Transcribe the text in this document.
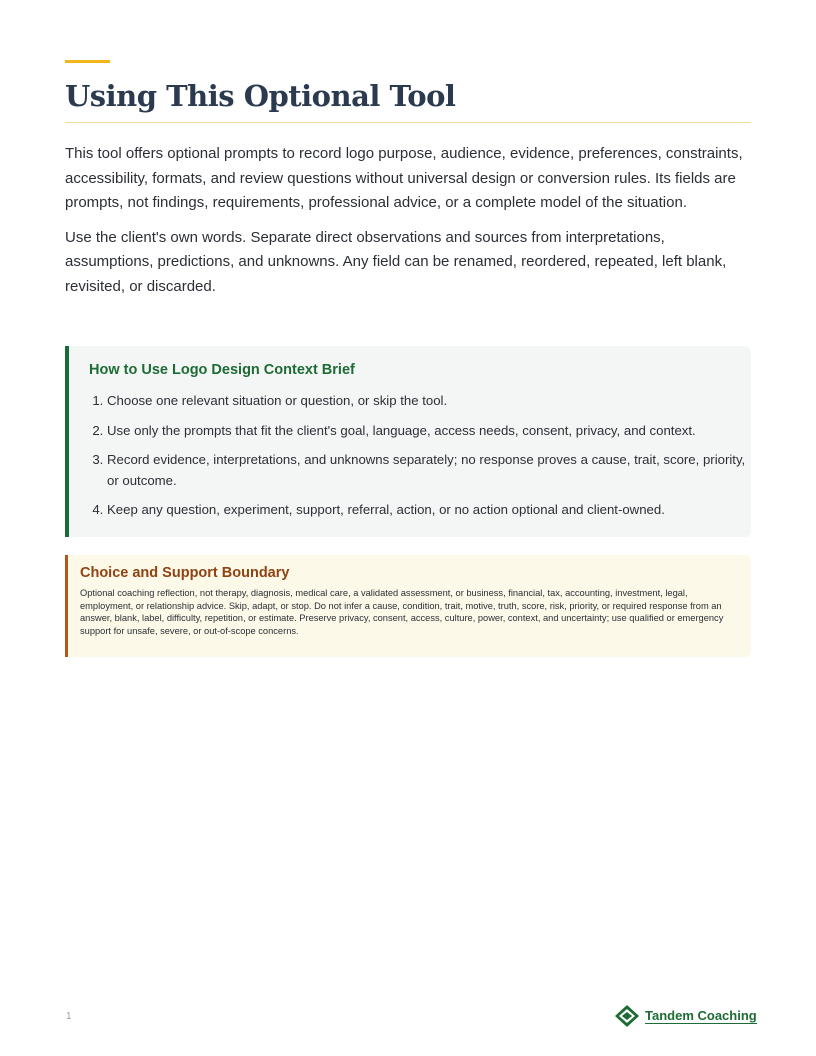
Using This Optional Tool

This tool offers optional prompts to record logo purpose, audience, evidence, preferences, constraints, accessibility, formats, and review questions without universal design or conversion rules. Its fields are prompts, not findings, requirements, professional advice, or a complete model of the situation.

Use the client's own words. Separate direct observations and sources from interpretations, assumptions, predictions, and unknowns. Any field can be renamed, reordered, repeated, left blank, revisited, or discarded.

How to Use Logo Design Context Brief
1. Choose one relevant situation or question, or skip the tool.
2. Use only the prompts that fit the client's goal, language, access needs, consent, privacy, and context.
3. Record evidence, interpretations, and unknowns separately; no response proves a cause, trait, score, priority, or outcome.
4. Keep any question, experiment, support, referral, action, or no action optional and client-owned.
Choice and Support Boundary

Optional coaching reflection, not therapy, diagnosis, medical care, a validated assessment, or business, financial, tax, accounting, investment, legal, employment, or relationship advice. Skip, adapt, or stop. Do not infer a cause, condition, trait, motive, truth, score, risk, priority, or required response from an answer, blank, label, difficulty, repetition, or estimate. Preserve privacy, consent, access, culture, power, context, and uncertainty; use qualified or emergency support for unsafe, severe, or out-of-scope concerns.

1	Tandem Coaching
